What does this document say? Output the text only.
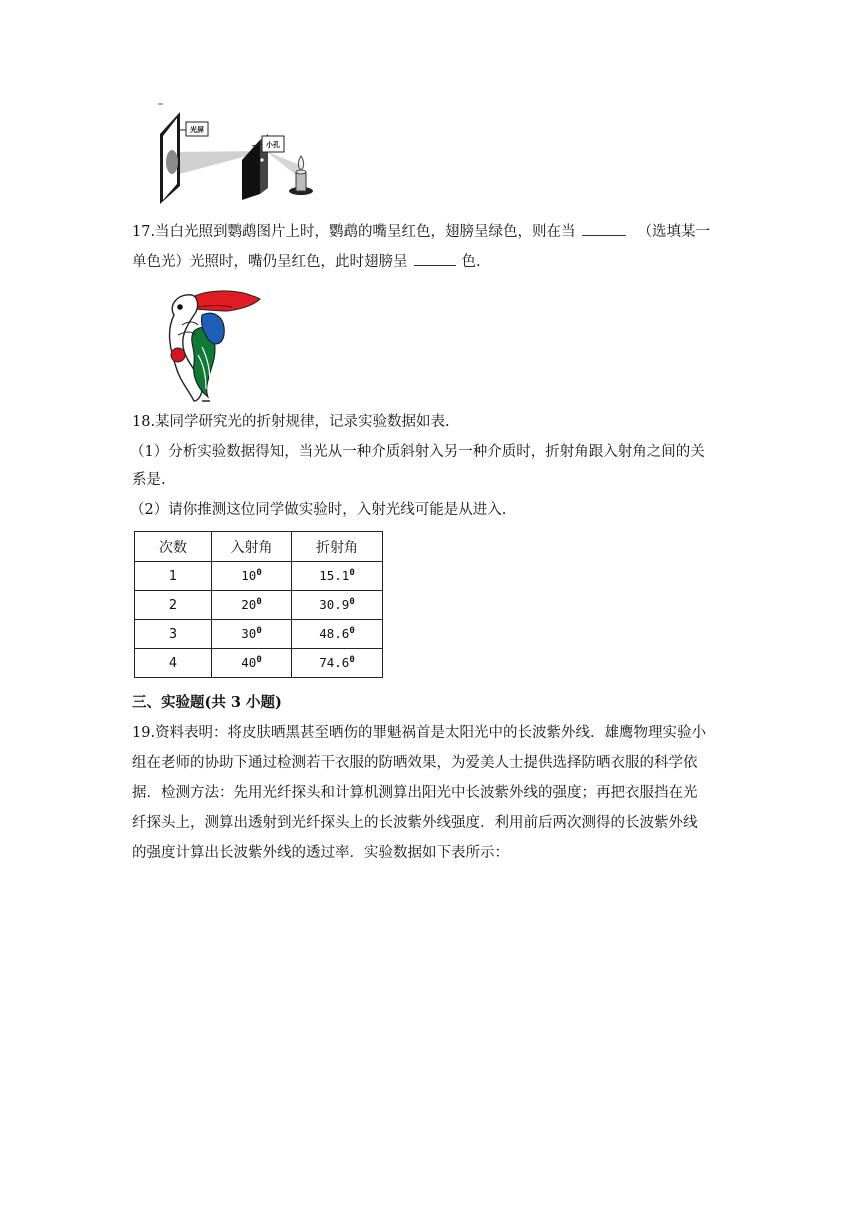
光屏
小孔
17.当白光照到鹦鹉图片上时，鹦鹉的嘴呈红色，翅膀呈绿色，则在当	（选填某一
单色光）光照时，嘴仍呈红色，此时翅膀呈	色.
18.某同学研究光的折射规律，记录实验数据如表.
（1）分析实验数据得知，当光从一种介质斜射入另一种介质时，折射角跟入射角之间的关
系是.
（2）请你推测这位同学做实验时，入射光线可能是从进入.
次数	入射角	折射角
1	$10^0$	15.1$^0$
2	$20^0$	30.9$^0$
3	$30^0$	48.6$^0$
4	$40^0$	74.6$^0$
三、实验题(共 3 小题)
19.资料表明：将皮肤晒黑甚至晒伤的罪魁祸首是太阳光中的长波紫外线．雄鹰物理实验小
组在老师的协助下通过检测若干衣服的防晒效果，为爱美人士提供选择防晒衣服的科学依
据．检测方法：先用光纤探头和计算机测算出阳光中长波紫外线的强度；再把衣服挡在光
纤探头上，测算出透射到光纤探头上的长波紫外线强度．利用前后两次测得的长波紫外线
的强度计算出长波紫外线的透过率．实验数据如下表所示：
